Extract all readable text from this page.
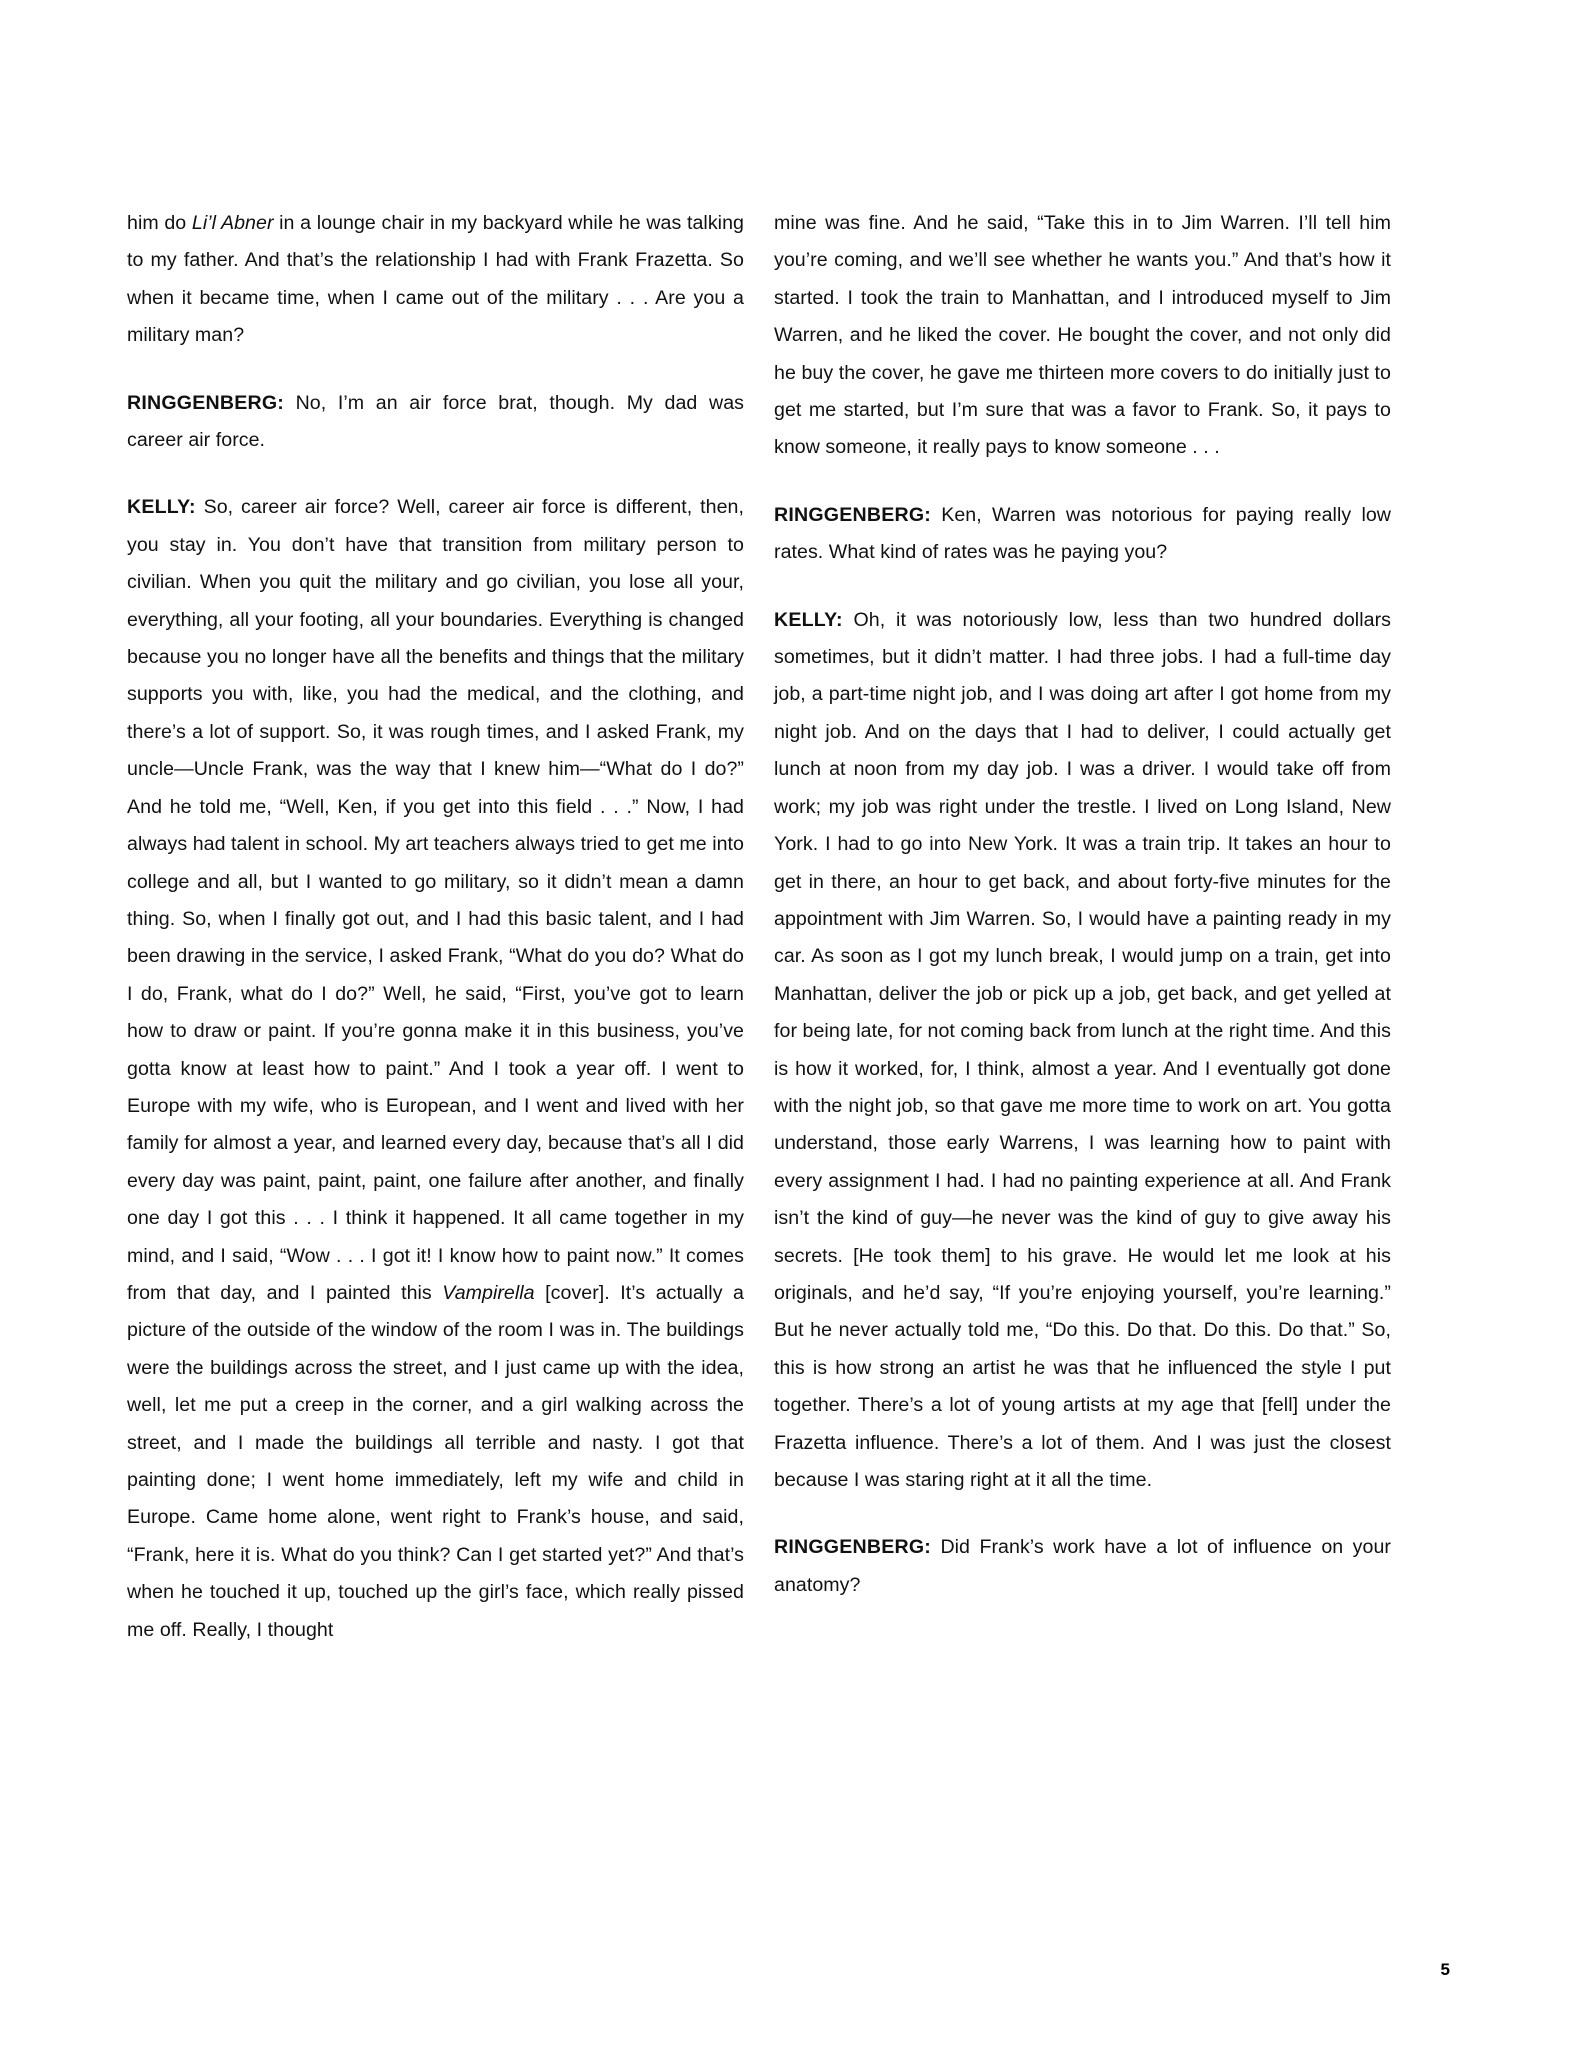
him do Li’l Abner in a lounge chair in my backyard while he was talking to my father. And that’s the relationship I had with Frank Frazetta. So when it became time, when I came out of the military . . . Are you a military man?

RINGGENBERG: No, I’m an air force brat, though. My dad was career air force.

KELLY: So, career air force? Well, career air force is different, then, you stay in. You don’t have that transition from military person to civilian. When you quit the military and go civilian, you lose all your, everything, all your footing, all your boundaries. Everything is changed because you no longer have all the benefits and things that the military supports you with, like, you had the medical, and the clothing, and there’s a lot of support. So, it was rough times, and I asked Frank, my uncle—Uncle Frank, was the way that I knew him—“What do I do?” And he told me, “Well, Ken, if you get into this field . . .” Now, I had always had talent in school. My art teachers always tried to get me into college and all, but I wanted to go military, so it didn’t mean a damn thing. So, when I finally got out, and I had this basic talent, and I had been drawing in the service, I asked Frank, “What do you do? What do I do, Frank, what do I do?” Well, he said, “First, you’ve got to learn how to draw or paint. If you’re gonna make it in this business, you’ve gotta know at least how to paint.” And I took a year off. I went to Europe with my wife, who is European, and I went and lived with her family for almost a year, and learned every day, because that’s all I did every day was paint, paint, paint, one failure after another, and finally one day I got this . . . I think it happened. It all came together in my mind, and I said, “Wow . . . I got it! I know how to paint now.” It comes from that day, and I painted this Vampirella [cover]. It’s actually a picture of the outside of the window of the room I was in. The buildings were the buildings across the street, and I just came up with the idea, well, let me put a creep in the corner, and a girl walking across the street, and I made the buildings all terrible and nasty. I got that painting done; I went home immediately, left my wife and child in Europe. Came home alone, went right to Frank’s house, and said, “Frank, here it is. What do you think? Can I get started yet?” And that’s when he touched it up, touched up the girl’s face, which really pissed me off. Really, I thought

mine was fine. And he said, “Take this in to Jim Warren. I’ll tell him you’re coming, and we’ll see whether he wants you.” And that’s how it started. I took the train to Manhattan, and I introduced myself to Jim Warren, and he liked the cover. He bought the cover, and not only did he buy the cover, he gave me thirteen more covers to do initially just to get me started, but I’m sure that was a favor to Frank. So, it pays to know someone, it really pays to know someone . . .

RINGGENBERG: Ken, Warren was notorious for paying really low rates. What kind of rates was he paying you?

KELLY: Oh, it was notoriously low, less than two hundred dollars sometimes, but it didn’t matter. I had three jobs. I had a full-time day job, a part-time night job, and I was doing art after I got home from my night job. And on the days that I had to deliver, I could actually get lunch at noon from my day job. I was a driver. I would take off from work; my job was right under the trestle. I lived on Long Island, New York. I had to go into New York. It was a train trip. It takes an hour to get in there, an hour to get back, and about forty-five minutes for the appointment with Jim Warren. So, I would have a painting ready in my car. As soon as I got my lunch break, I would jump on a train, get into Manhattan, deliver the job or pick up a job, get back, and get yelled at for being late, for not coming back from lunch at the right time. And this is how it worked, for, I think, almost a year. And I eventually got done with the night job, so that gave me more time to work on art. You gotta understand, those early Warrens, I was learning how to paint with every assignment I had. I had no painting experience at all. And Frank isn’t the kind of guy—he never was the kind of guy to give away his secrets. [He took them] to his grave. He would let me look at his originals, and he’d say, “If you’re enjoying yourself, you’re learning.” But he never actually told me, “Do this. Do that. Do this. Do that.” So, this is how strong an artist he was that he influenced the style I put together. There’s a lot of young artists at my age that [fell] under the Frazetta influence. There’s a lot of them. And I was just the closest because I was staring right at it all the time.

RINGGENBERG: Did Frank’s work have a lot of influence on your anatomy?

5
